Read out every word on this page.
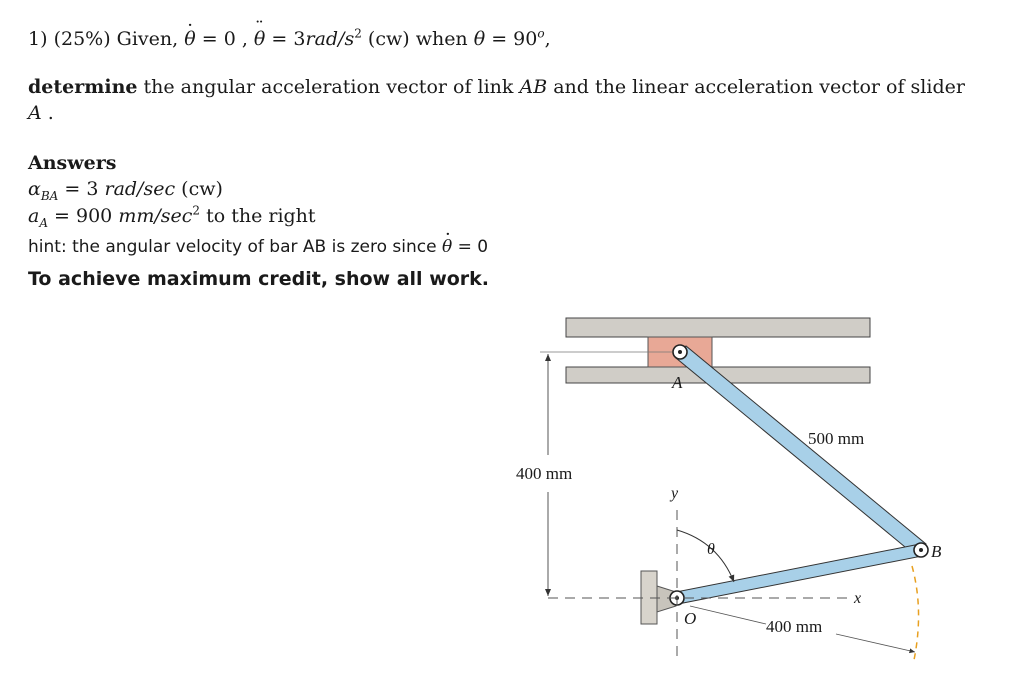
1) (25%) Given, · θ = 0 , ¨ $\theta = 3rad/s^2$ (cw) when $\theta = 90^o$,
determine the angular acceleration vector of link AB and the linear acceleration vector of slider
A .
Answers
$\alpha_{BA} = 3$ rad/sec (cw)
$a_A = 900$ $mm/\sec^2$ to the right
hint: the angular velocity of bar AB is zero since · θ = 0
To achieve maximum credit, show all work.
A
B
O
x
y
θ
500 mm
400 mm
400 mm
